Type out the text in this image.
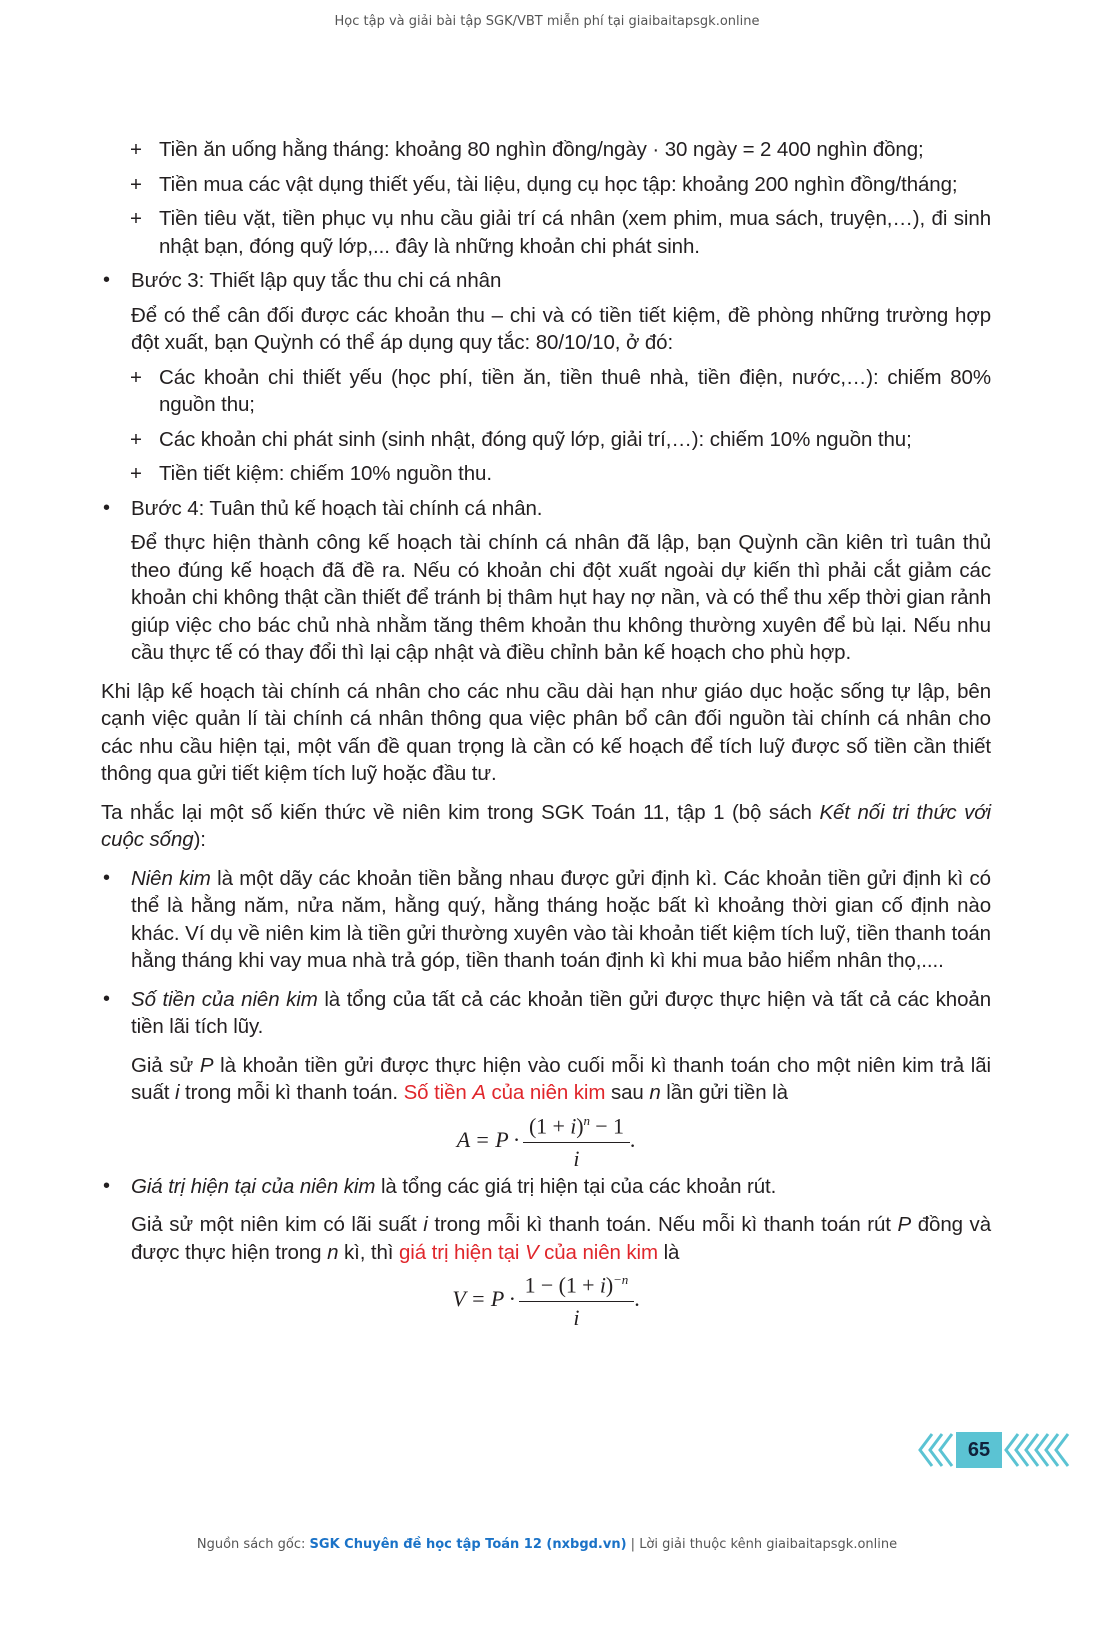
Học tập và giải bài tập SGK/VBT miễn phí tại giaibaitapsgk.online

+ Tiền ăn uống hằng tháng: khoảng 80 nghìn đồng/ngày · 30 ngày = 2 400 nghìn đồng;

+ Tiền mua các vật dụng thiết yếu, tài liệu, dụng cụ học tập: khoảng 200 nghìn đồng/tháng;

+ Tiền tiêu vặt, tiền phục vụ nhu cầu giải trí cá nhân (xem phim, mua sách, truyện,…), đi sinh nhật bạn, đóng quỹ lớp,... đây là những khoản chi phát sinh.

• Bước 3: Thiết lập quy tắc thu chi cá nhân

Để có thể cân đối được các khoản thu – chi và có tiền tiết kiệm, đề phòng những trường hợp đột xuất, bạn Quỳnh có thể áp dụng quy tắc: 80/10/10, ở đó:

+ Các khoản chi thiết yếu (học phí, tiền ăn, tiền thuê nhà, tiền điện, nước,…): chiếm 80% nguồn thu;

+ Các khoản chi phát sinh (sinh nhật, đóng quỹ lớp, giải trí,…): chiếm 10% nguồn thu;

+ Tiền tiết kiệm: chiếm 10% nguồn thu.

• Bước 4: Tuân thủ kế hoạch tài chính cá nhân.

Để thực hiện thành công kế hoạch tài chính cá nhân đã lập, bạn Quỳnh cần kiên trì tuân thủ theo đúng kế hoạch đã đề ra. Nếu có khoản chi đột xuất ngoài dự kiến thì phải cắt giảm các khoản chi không thật cần thiết để tránh bị thâm hụt hay nợ nần, và có thể thu xếp thời gian rảnh giúp việc cho bác chủ nhà nhằm tăng thêm khoản thu không thường xuyên để bù lại. Nếu nhu cầu thực tế có thay đổi thì lại cập nhật và điều chỉnh bản kế hoạch cho phù hợp.

Khi lập kế hoạch tài chính cá nhân cho các nhu cầu dài hạn như giáo dục hoặc sống tự lập, bên cạnh việc quản lí tài chính cá nhân thông qua việc phân bổ cân đối nguồn tài chính cá nhân cho các nhu cầu hiện tại, một vấn đề quan trọng là cần có kế hoạch để tích luỹ được số tiền cần thiết thông qua gửi tiết kiệm tích luỹ hoặc đầu tư.

Ta nhắc lại một số kiến thức về niên kim trong SGK Toán 11, tập 1 (bộ sách Kết nối tri thức với cuộc sống):

• Niên kim là một dãy các khoản tiền bằng nhau được gửi định kì. Các khoản tiền gửi định kì có thể là hằng năm, nửa năm, hằng quý, hằng tháng hoặc bất kì khoảng thời gian cố định nào khác. Ví dụ về niên kim là tiền gửi thường xuyên vào tài khoản tiết kiệm tích luỹ, tiền thanh toán hằng tháng khi vay mua nhà trả góp, tiền thanh toán định kì khi mua bảo hiểm nhân thọ,....

• Số tiền của niên kim là tổng của tất cả các khoản tiền gửi được thực hiện và tất cả các khoản tiền lãi tích lũy.

Giả sử P là khoản tiền gửi được thực hiện vào cuối mỗi kì thanh toán cho một niên kim trả lãi suất i trong mỗi kì thanh toán. Số tiền A của niên kim sau n lần gửi tiền là

$A = P \cdot \frac{(1 + i)^n - 1}{i}$ .

• Giá trị hiện tại của niên kim là tổng các giá trị hiện tại của các khoản rút.

Giả sử một niên kim có lãi suất i trong mỗi kì thanh toán. Nếu mỗi kì thanh toán rút P đồng và được thực hiện trong n kì, thì giá trị hiện tại V của niên kim là

$V = P \cdot \frac{1 - (1 + i)^{-n}}{i}$ .
65
Nguồn sách gốc: SGK Chuyên đề học tập Toán 12 (nxbgd.vn) | Lời giải thuộc kênh giaibaitapsgk.online
